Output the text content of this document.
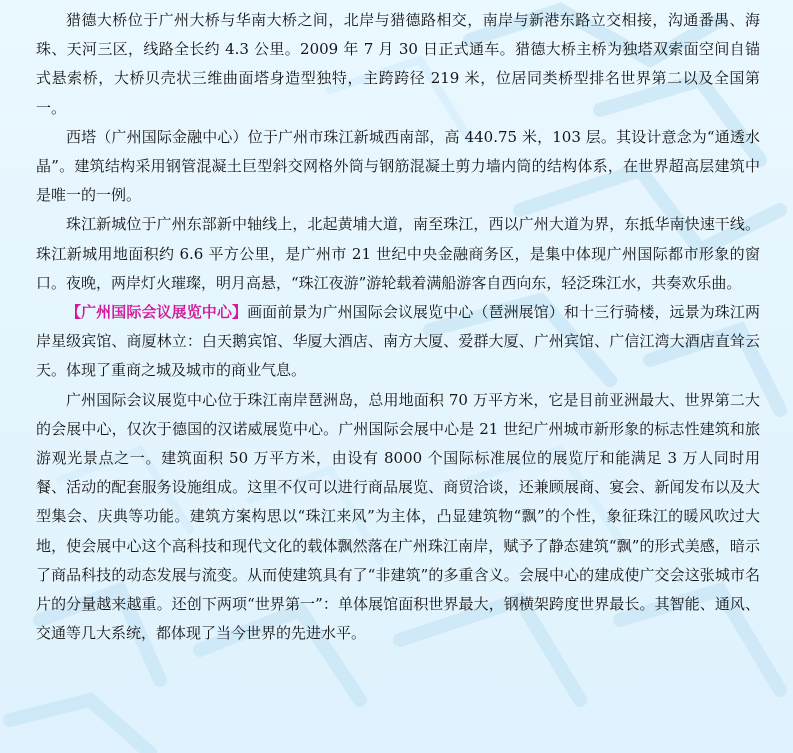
猎德大桥位于广州大桥与华南大桥之间，北岸与猎德路相交，南岸与新港东路立交相接，沟通番禺、海珠、天河三区，线路全长约 4.3 公里。2009 年 7 月 30 日正式通车。猎德大桥主桥为独塔双索面空间自锚式悬索桥，大桥贝壳状三维曲面塔身造型独特，主跨跨径 219 米，位居同类桥型排名世界第二以及全国第一。

西塔（广州国际金融中心）位于广州市珠江新城西南部，高 440.75 米，103 层。其设计意念为“通透水晶”。建筑结构采用钢管混凝土巨型斜交网格外筒与钢筋混凝土剪力墙内筒的结构体系，在世界超高层建筑中是唯一的一例。

珠江新城位于广州东部新中轴线上，北起黄埔大道，南至珠江，西以广州大道为界，东抵华南快速干线。珠江新城用地面积约 6.6 平方公里，是广州市 21 世纪中央金融商务区，是集中体现广州国际都市形象的窗口。夜晚，两岸灯火璀璨，明月高悬，“珠江夜游”游轮载着满船游客自西向东，轻泛珠江水，共奏欢乐曲。

【广州国际会议展览中心】画面前景为广州国际会议展览中心（琶洲展馆）和十三行骑楼，远景为珠江两岸星级宾馆、商厦林立：白天鹅宾馆、华厦大酒店、南方大厦、爱群大厦、广州宾馆、广信江湾大酒店直耸云天。体现了重商之城及城市的商业气息。

广州国际会议展览中心位于珠江南岸琶洲岛，总用地面积 70 万平方米，它是目前亚洲最大、世界第二大的会展中心，仅次于德国的汉诺威展览中心。广州国际会展中心是 21 世纪广州城市新形象的标志性建筑和旅游观光景点之一。建筑面积 50 万平方米，由设有 8000 个国际标准展位的展览厅和能满足 3 万人同时用餐、活动的配套服务设施组成。这里不仅可以进行商品展览、商贸洽谈，还兼顾展商、宴会、新闻发布以及大型集会、庆典等功能。建筑方案构思以“珠江来风”为主体，凸显建筑物“飘”的个性，象征珠江的暖风吹过大地，使会展中心这个高科技和现代文化的载体飘然落在广州珠江南岸，赋予了静态建筑“飘”的形式美感，暗示了商品科技的动态发展与流变。从而使建筑具有了“非建筑”的多重含义。会展中心的建成使广交会这张城市名片的分量越来越重。还创下两项“世界第一”：单体展馆面积世界最大，钢横架跨度世界最长。其智能、通风、交通等几大系统，都体现了当今世界的先进水平。
